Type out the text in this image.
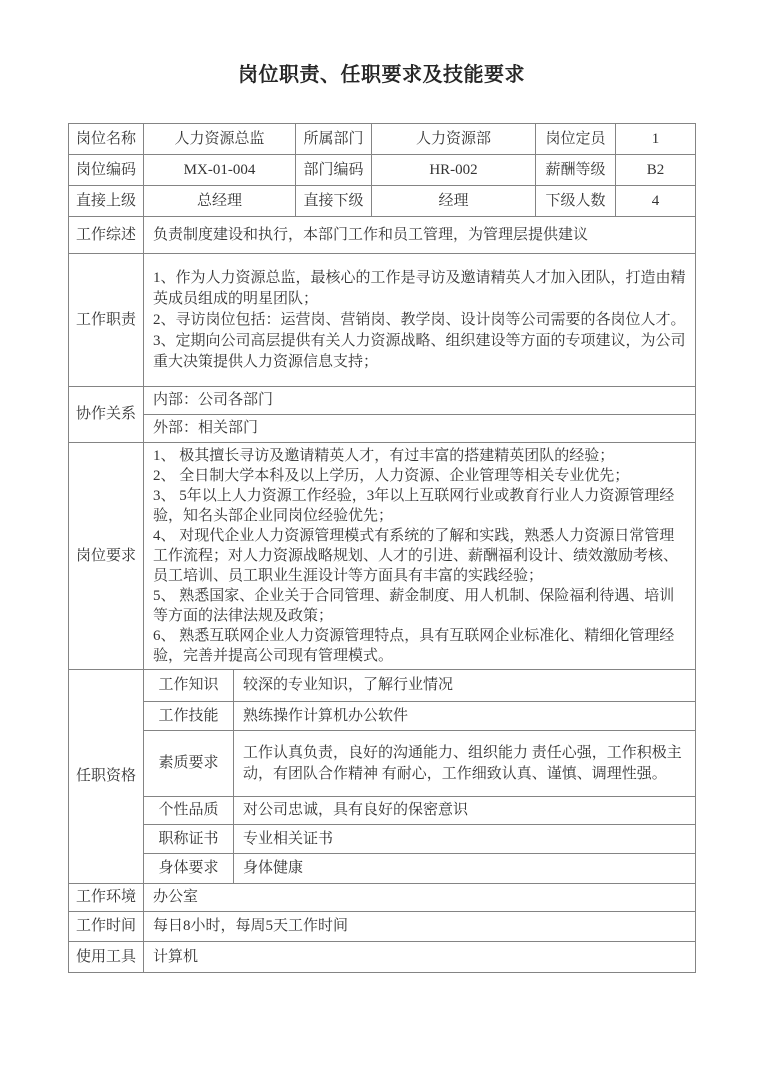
岗位职责、任职要求及技能要求
岗位名称	人力资源总监		所属部门	人力资源部	岗位定员	1
岗位编码	MX-01-004		部门编码	HR-002	薪酬等级	B2
直接上级	总经理		直接下级	经理	下级人数	4
工作综述	负责制度建设和执行，本部门工作和员工管理，为管理层提供建议					
工作职责	1、作为人力资源总监，最核心的工作是寻访及邀请精英人才加入团队，打造由精英成员组成的明星团队；

2、寻访岗位包括：运营岗、营销岗、教学岗、设计岗等公司需要的各岗位人才。

3、定期向公司高层提供有关人力资源战略、组织建设等方面的专项建议，为公司重大决策提供人力资源信息支持；					

协作关系	内部：公司各部门					
	外部：相关部门					
岗位要求	

1、 极其擅长寻访及邀请精英人才，有过丰富的搭建精英团队的经验；

2、 全日制大学本科及以上学历，人力资源、企业管理等相关专业优先；

3、 5年以上人力资源工作经验，3年以上互联网行业或教育行业人力资源管理经验，知名头部企业同岗位经验优先；

4、 对现代企业人力资源管理模式有系统的了解和实践，熟悉人力资源日常管理工作流程；对人力资源战略规划、人才的引进、薪酬福利设计、绩效激励考核、员工培训、员工职业生涯设计等方面具有丰富的实践经验；

5、 熟悉国家、企业关于合同管理、薪金制度、用人机制、保险福利待遇、培训等方面的法律法规及政策；

6、 熟悉互联网企业人力资源管理特点，具有互联网企业标准化、精细化管理经验，完善并提高公司现有管理模式。

任职资格	工作知识	较深的专业知识，了解行业情况				
	工作技能	熟练操作计算机办公软件				
	素质要求	工作认真负责，良好的沟通能力、组织能力 责任心强，工作积极主动，有团队合作精神 有耐心，工作细致认真、谨慎、调理性强。				
	个性品质	对公司忠诚，具有良好的保密意识				
	职称证书	专业相关证书				
	身体要求	身体健康				
工作环境	办公室					
工作时间	每日8小时，每周5天工作时间					
使用工具	计算机					
